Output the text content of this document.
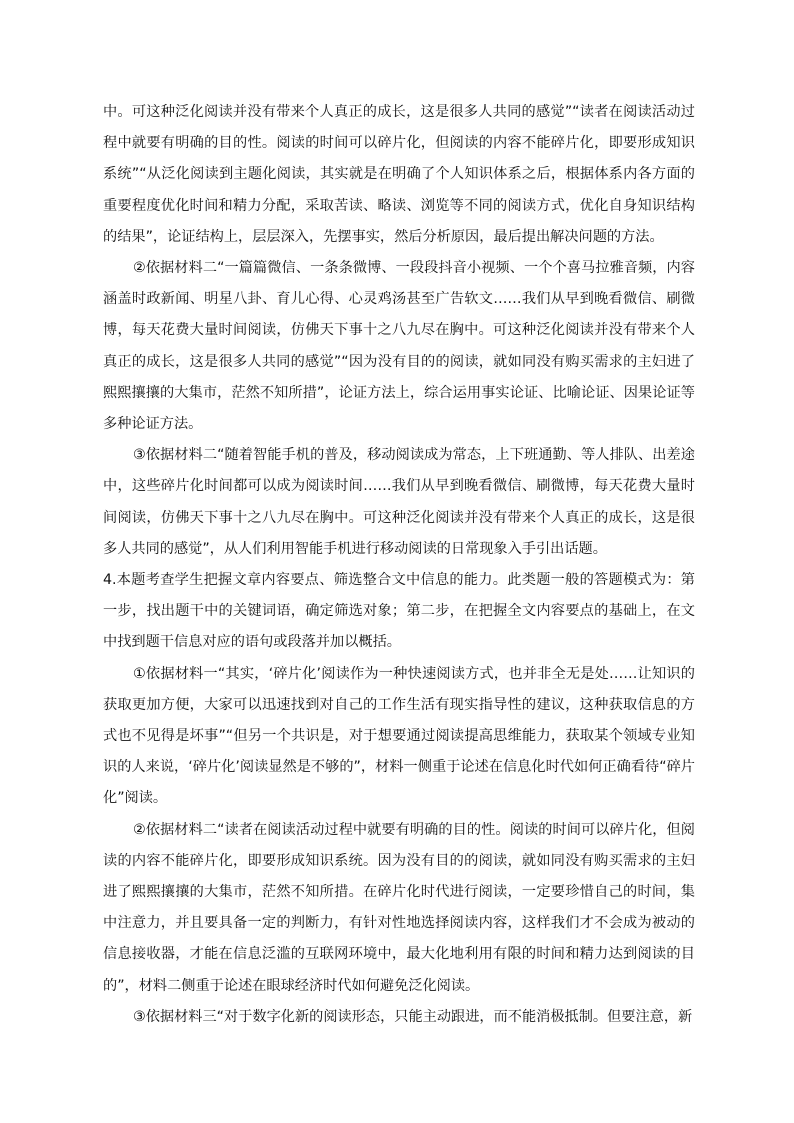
中。可这种泛化阅读并没有带来个人真正的成长，这是很多人共同的感觉”“读者在阅读活动过程中就要有明确的目的性。阅读的时间可以碎片化，但阅读的内容不能碎片化，即要形成知识系统”“从泛化阅读到主题化阅读，其实就是在明确了个人知识体系之后，根据体系内各方面的重要程度优化时间和精力分配，采取苦读、略读、浏览等不同的阅读方式，优化自身知识结构的结果”，论证结构上，层层深入，先摆事实，然后分析原因，最后提出解决问题的方法。

②依据材料二“一篇篇微信、一条条微博、一段段抖音小视频、一个个喜马拉雅音频，内容涵盖时政新闻、明星八卦、育儿心得、心灵鸡汤甚至广告软文……我们从早到晚看微信、刷微博，每天花费大量时间阅读，仿佛天下事十之八九尽在胸中。可这种泛化阅读并没有带来个人真正的成长，这是很多人共同的感觉”“因为没有目的的阅读，就如同没有购买需求的主妇进了熙熙攘攘的大集市，茫然不知所措”，论证方法上，综合运用事实论证、比喻论证、因果论证等多种论证方法。

③依据材料二“随着智能手机的普及，移动阅读成为常态，上下班通勤、等人排队、出差途中，这些碎片化时间都可以成为阅读时间……我们从早到晚看微信、刷微博，每天花费大量时间阅读，仿佛天下事十之八九尽在胸中。可这种泛化阅读并没有带来个人真正的成长，这是很多人共同的感觉”，从人们利用智能手机进行移动阅读的日常现象入手引出话题。

4.本题考查学生把握文章内容要点、筛选整合文中信息的能力。此类题一般的答题模式为：第一步，找出题干中的关键词语，确定筛选对象；第二步，在把握全文内容要点的基础上，在文中找到题干信息对应的语句或段落并加以概括。

①依据材料一“其实，‘碎片化’阅读作为一种快速阅读方式，也并非全无是处……让知识的获取更加方便，大家可以迅速找到对自己的工作生活有现实指导性的建议，这种获取信息的方式也不见得是坏事”“但另一个共识是，对于想要通过阅读提高思维能力，获取某个领域专业知识的人来说，‘碎片化’阅读显然是不够的”，材料一侧重于论述在信息化时代如何正确看待“碎片化”阅读。

②依据材料二“读者在阅读活动过程中就要有明确的目的性。阅读的时间可以碎片化，但阅读的内容不能碎片化，即要形成知识系统。因为没有目的的阅读，就如同没有购买需求的主妇进了熙熙攘攘的大集市，茫然不知所措。在碎片化时代进行阅读，一定要珍惜自己的时间，集中注意力，并且要具备一定的判断力，有针对性地选择阅读内容，这样我们才不会成为被动的信息接收器，才能在信息泛滥的互联网环境中，最大化地利用有限的时间和精力达到阅读的目的”，材料二侧重于论述在眼球经济时代如何避免泛化阅读。

③依据材料三“对于数字化新的阅读形态，只能主动跟进，而不能消极抵制。但要注意，新
